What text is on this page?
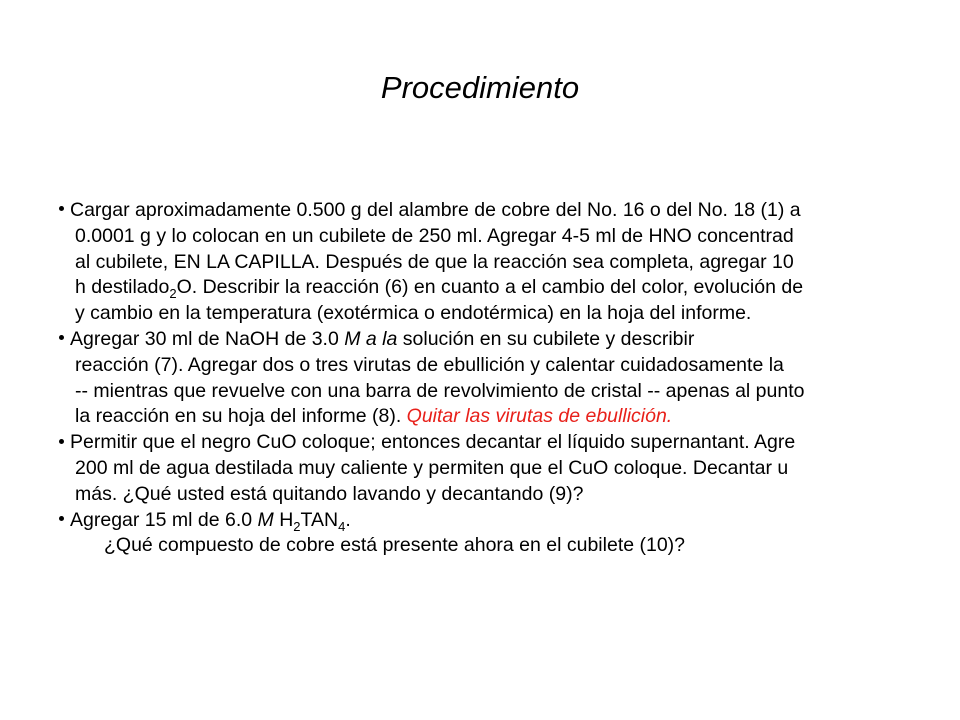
Procedimiento
Cargar aproximadamente 0.500 g del alambre de cobre del No. 16 o del No. 18 (1) a
0.0001 g y lo colocan en un cubilete de 250 ml. Agregar 4-5 ml de HNO concentrad
al cubilete, EN LA CAPILLA. Después de que la reacción sea completa, agregar 10
h destilado$_2$O. Describir la reacción (6) en cuanto a el cambio del color, evolución de
y cambio en la temperatura (exotérmica o endotérmica) en la hoja del informe.
Agregar 30 ml de NaOH de 3.0 M a la solución en su cubilete y describir
reacción (7). Agregar dos o tres virutas de ebullición y calentar cuidadosamente la
-- mientras que revuelve con una barra de revolvimiento de cristal -- apenas al punto
la reacción en su hoja del informe (8). Quitar las virutas de ebullición.
Permitir que el negro CuO coloque; entonces decantar el líquido supernantant. Agre
200 ml de agua destilada muy caliente y permiten que el CuO coloque. Decantar u
más. ¿Qué usted está quitando lavando y decantando (9)?
Agregar 15 ml de 6.0 M $H_2TAN_4$.
¿Qué compuesto de cobre está presente ahora en el cubilete (10)?
